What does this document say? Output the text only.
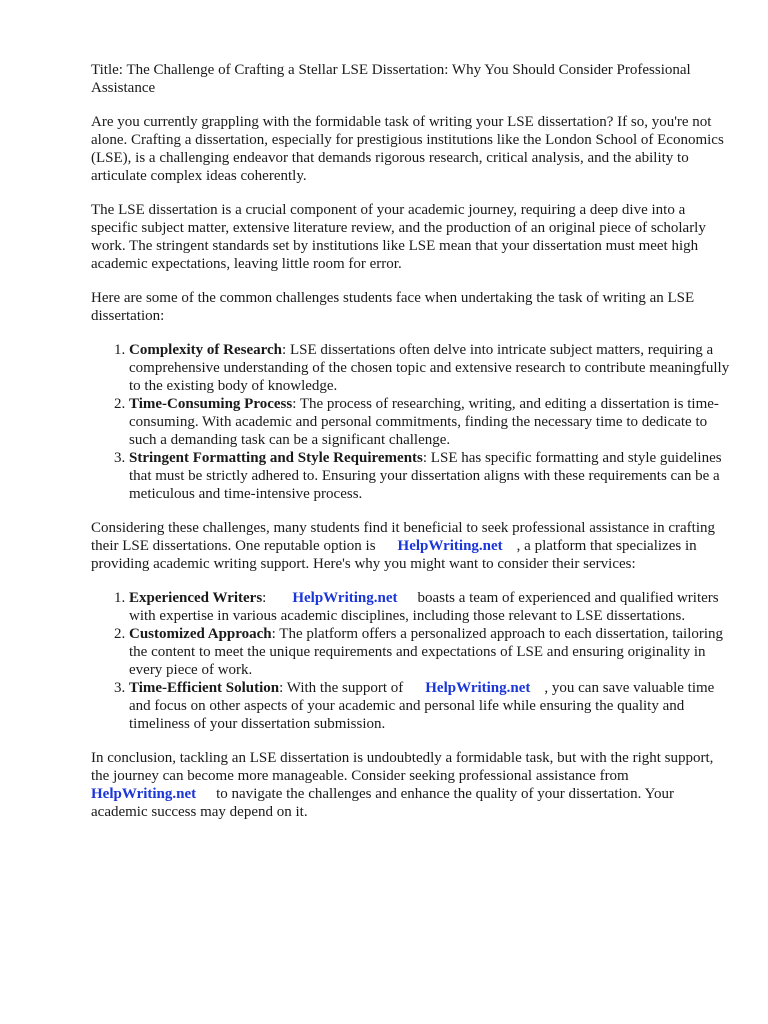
Title: The Challenge of Crafting a Stellar LSE Dissertation: Why You Should Consider Professional Assistance

Are you currently grappling with the formidable task of writing your LSE dissertation? If so, you're not alone. Crafting a dissertation, especially for prestigious institutions like the London School of Economics (LSE), is a challenging endeavor that demands rigorous research, critical analysis, and the ability to articulate complex ideas coherently.

The LSE dissertation is a crucial component of your academic journey, requiring a deep dive into a specific subject matter, extensive literature review, and the production of an original piece of scholarly work. The stringent standards set by institutions like LSE mean that your dissertation must meet high academic expectations, leaving little room for error.

Here are some of the common challenges students face when undertaking the task of writing an LSE dissertation:

1. Complexity of Research: LSE dissertations often delve into intricate subject matters, requiring a comprehensive understanding of the chosen topic and extensive research to contribute meaningfully to the existing body of knowledge.
2. Time-Consuming Process: The process of researching, writing, and editing a dissertation is time-consuming. With academic and personal commitments, finding the necessary time to dedicate to such a demanding task can be a significant challenge.
3. Stringent Formatting and Style Requirements: LSE has specific formatting and style guidelines that must be strictly adhered to. Ensuring your dissertation aligns with these requirements can be a meticulous and time-intensive process.

Considering these challenges, many students find it beneficial to seek professional assistance in crafting their LSE dissertations. One reputable option is HelpWriting.net , a platform that specializes in providing academic writing support. Here's why you might want to consider their services:

1. Experienced Writers: HelpWriting.net boasts a team of experienced and qualified writers with expertise in various academic disciplines, including those relevant to LSE dissertations.
2. Customized Approach: The platform offers a personalized approach to each dissertation, tailoring the content to meet the unique requirements and expectations of LSE and ensuring originality in every piece of work.
3. Time-Efficient Solution: With the support of HelpWriting.net , you can save valuable time and focus on other aspects of your academic and personal life while ensuring the quality and timeliness of your dissertation submission.

In conclusion, tackling an LSE dissertation is undoubtedly a formidable task, but with the right support, the journey can become more manageable. Consider seeking professional assistance from HelpWriting.net to navigate the challenges and enhance the quality of your dissertation. Your academic success may depend on it.
